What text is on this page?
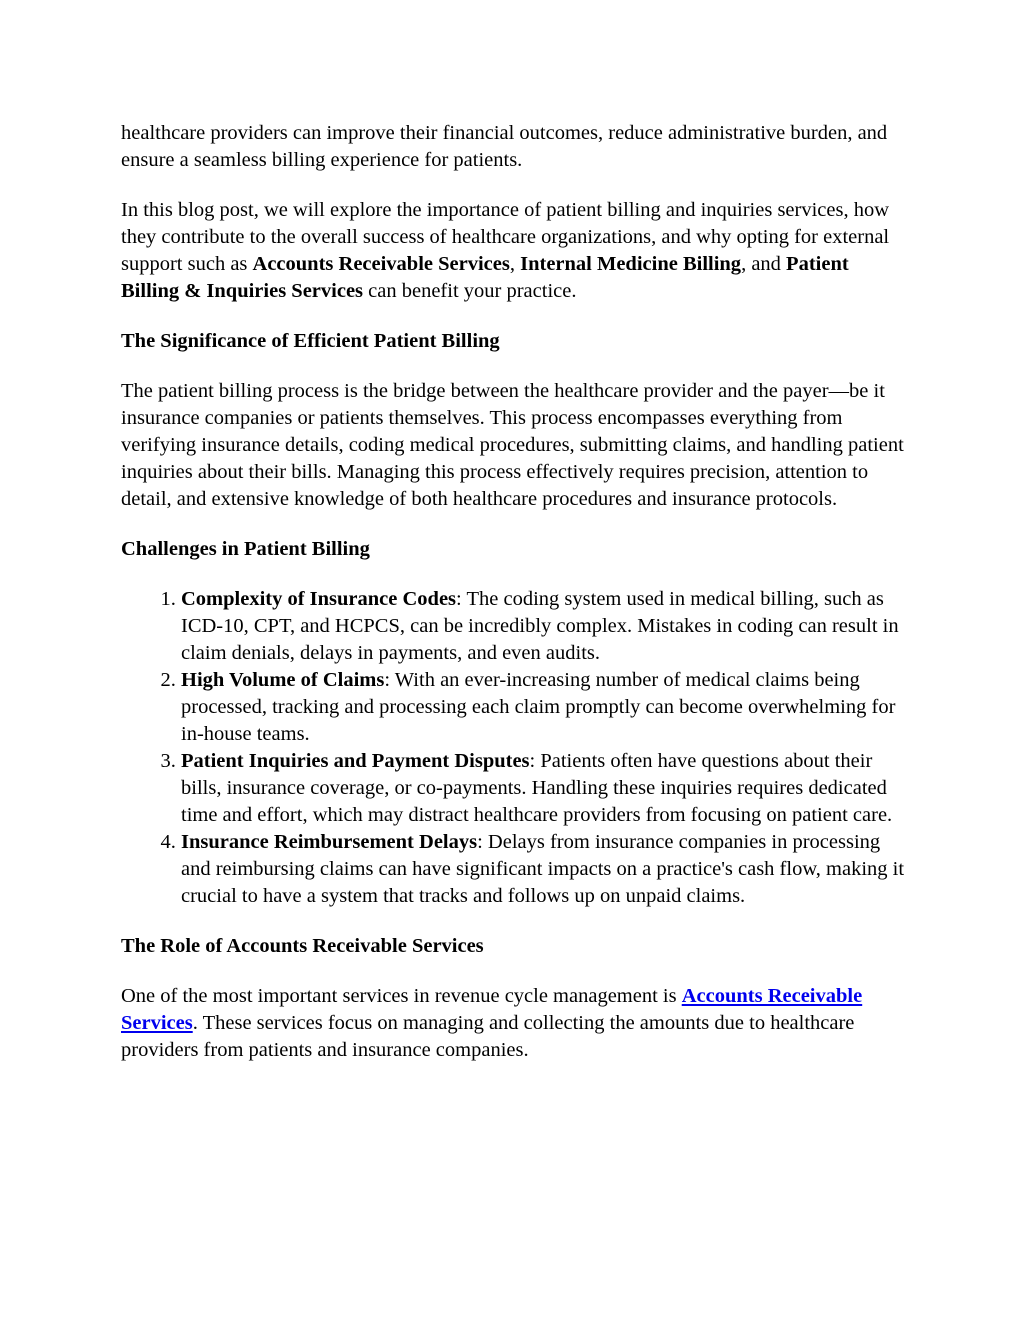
healthcare providers can improve their financial outcomes, reduce administrative burden, and ensure a seamless billing experience for patients.

In this blog post, we will explore the importance of patient billing and inquiries services, how they contribute to the overall success of healthcare organizations, and why opting for external support such as Accounts Receivable Services, Internal Medicine Billing, and Patient Billing & Inquiries Services can benefit your practice.

The Significance of Efficient Patient Billing

The patient billing process is the bridge between the healthcare provider and the payer—be it insurance companies or patients themselves. This process encompasses everything from verifying insurance details, coding medical procedures, submitting claims, and handling patient inquiries about their bills. Managing this process effectively requires precision, attention to detail, and extensive knowledge of both healthcare procedures and insurance protocols.

Challenges in Patient Billing

1. Complexity of Insurance Codes: The coding system used in medical billing, such as ICD-10, CPT, and HCPCS, can be incredibly complex. Mistakes in coding can result in claim denials, delays in payments, and even audits.
2. High Volume of Claims: With an ever-increasing number of medical claims being processed, tracking and processing each claim promptly can become overwhelming for in-house teams.
3. Patient Inquiries and Payment Disputes: Patients often have questions about their bills, insurance coverage, or co-payments. Handling these inquiries requires dedicated time and effort, which may distract healthcare providers from focusing on patient care.
4. Insurance Reimbursement Delays: Delays from insurance companies in processing and reimbursing claims can have significant impacts on a practice's cash flow, making it crucial to have a system that tracks and follows up on unpaid claims.

The Role of Accounts Receivable Services

One of the most important services in revenue cycle management is Accounts Receivable Services. These services focus on managing and collecting the amounts due to healthcare providers from patients and insurance companies.
